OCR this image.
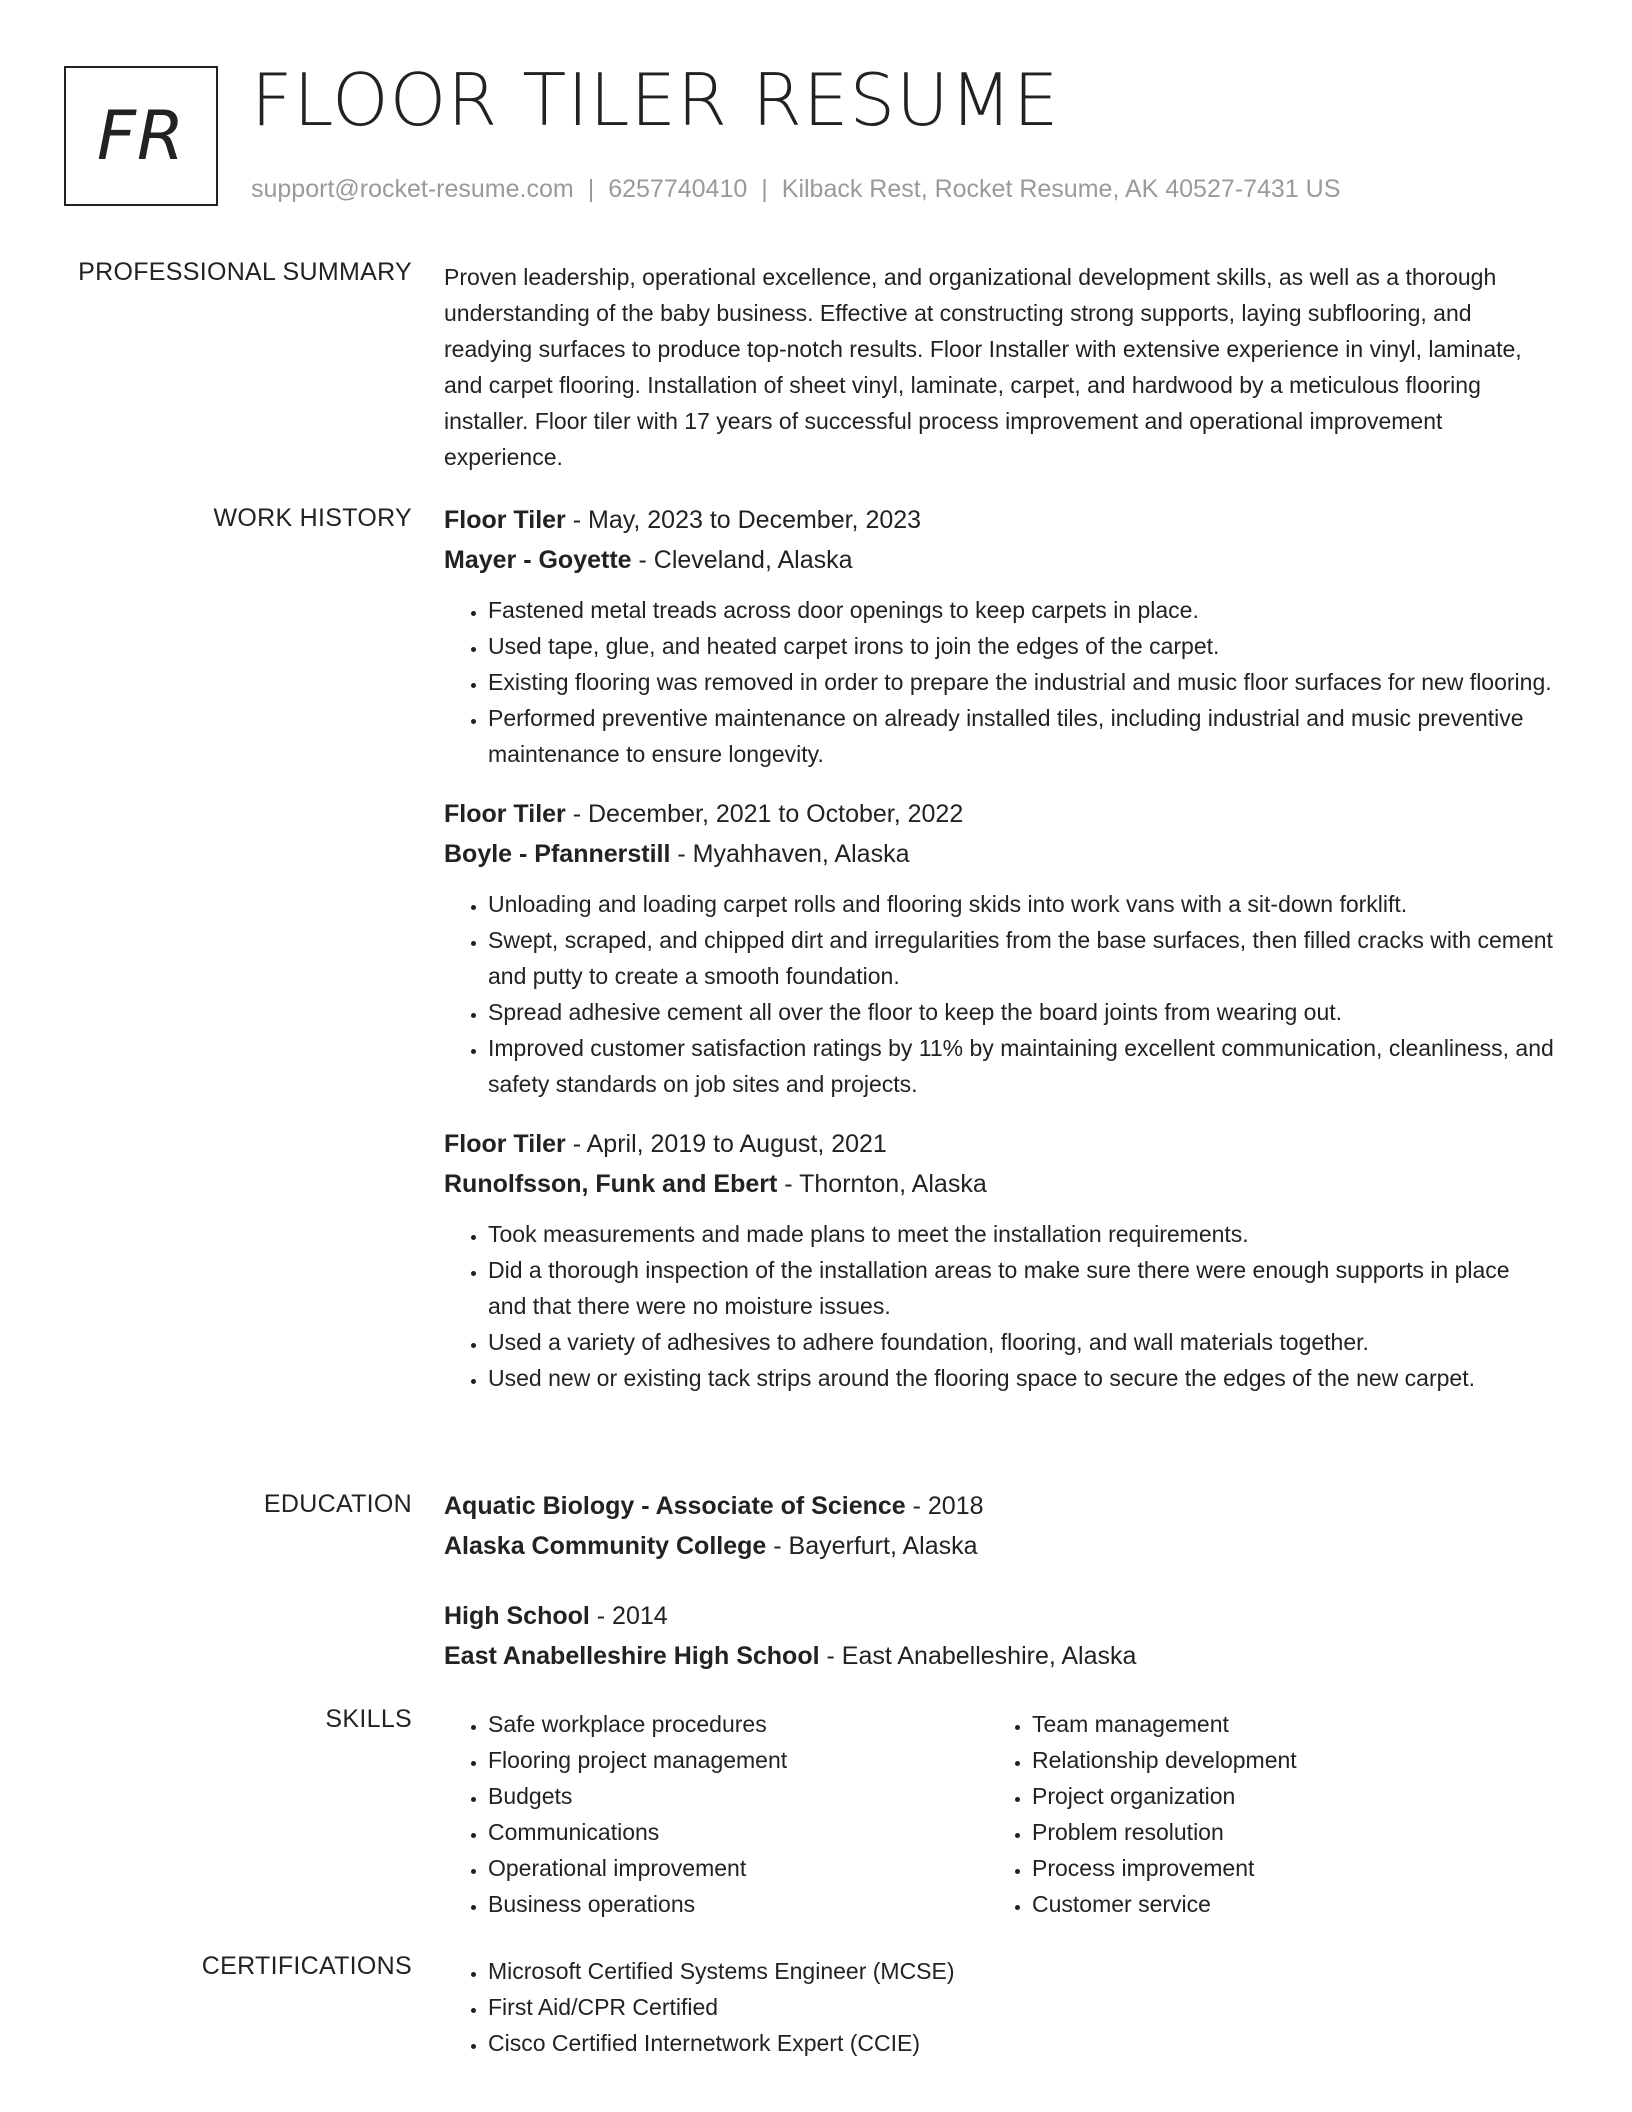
FR FLOOR TILER RESUME
support@rocket-resume.com | 6257740410 | Kilback Rest, Rocket Resume, AK 40527-7431 US
PROFESSIONAL SUMMARY Proven leadership, operational excellence, and organizational development skills, as well as a thorough understanding of the baby business. Effective at constructing strong supports, laying subflooring, and readying surfaces to produce top-notch results. Floor Installer with extensive experience in vinyl, laminate, and carpet flooring. Installation of sheet vinyl, laminate, carpet, and hardwood by a meticulous flooring installer. Floor tiler with 17 years of successful process improvement and operational improvement experience.

WORK HISTORY Floor Tiler - May, 2023 to December, 2023
Mayer - Goyette - Cleveland, Alaska
• Fastened metal treads across door openings to keep carpets in place.
• Used tape, glue, and heated carpet irons to join the edges of the carpet.
• Existing flooring was removed in order to prepare the industrial and music floor surfaces for new flooring.
• Performed preventive maintenance on already installed tiles, including industrial and music preventive maintenance to ensure longevity.
Floor Tiler - December, 2021 to October, 2022
Boyle - Pfannerstill - Myahhaven, Alaska
• Unloading and loading carpet rolls and flooring skids into work vans with a sit-down forklift.
• Swept, scraped, and chipped dirt and irregularities from the base surfaces, then filled cracks with cement and putty to create a smooth foundation.
• Spread adhesive cement all over the floor to keep the board joints from wearing out.
• Improved customer satisfaction ratings by 11% by maintaining excellent communication, cleanliness, and safety standards on job sites and projects.
Floor Tiler - April, 2019 to August, 2021
Runolfsson, Funk and Ebert - Thornton, Alaska
• Took measurements and made plans to meet the installation requirements.
• Did a thorough inspection of the installation areas to make sure there were enough supports in place and that there were no moisture issues.
• Used a variety of adhesives to adhere foundation, flooring, and wall materials together.
• Used new or existing tack strips around the flooring space to secure the edges of the new carpet.
EDUCATION Aquatic Biology - Associate of Science - 2018
Alaska Community College - Bayerfurt, Alaska
High School - 2014
East Anabelleshire High School - East Anabelleshire, Alaska
SKILLS	• Safe workplace procedures
• Flooring project management
• Budgets
• Communications
• Operational improvement
• Business operations
• Team management
• Relationship development
• Project organization
• Problem resolution
• Process improvement
• Customer service
CERTIFICATIONS	• Microsoft Certified Systems Engineer (MCSE)
• First Aid/CPR Certified
• Cisco Certified Internetwork Expert (CCIE)
